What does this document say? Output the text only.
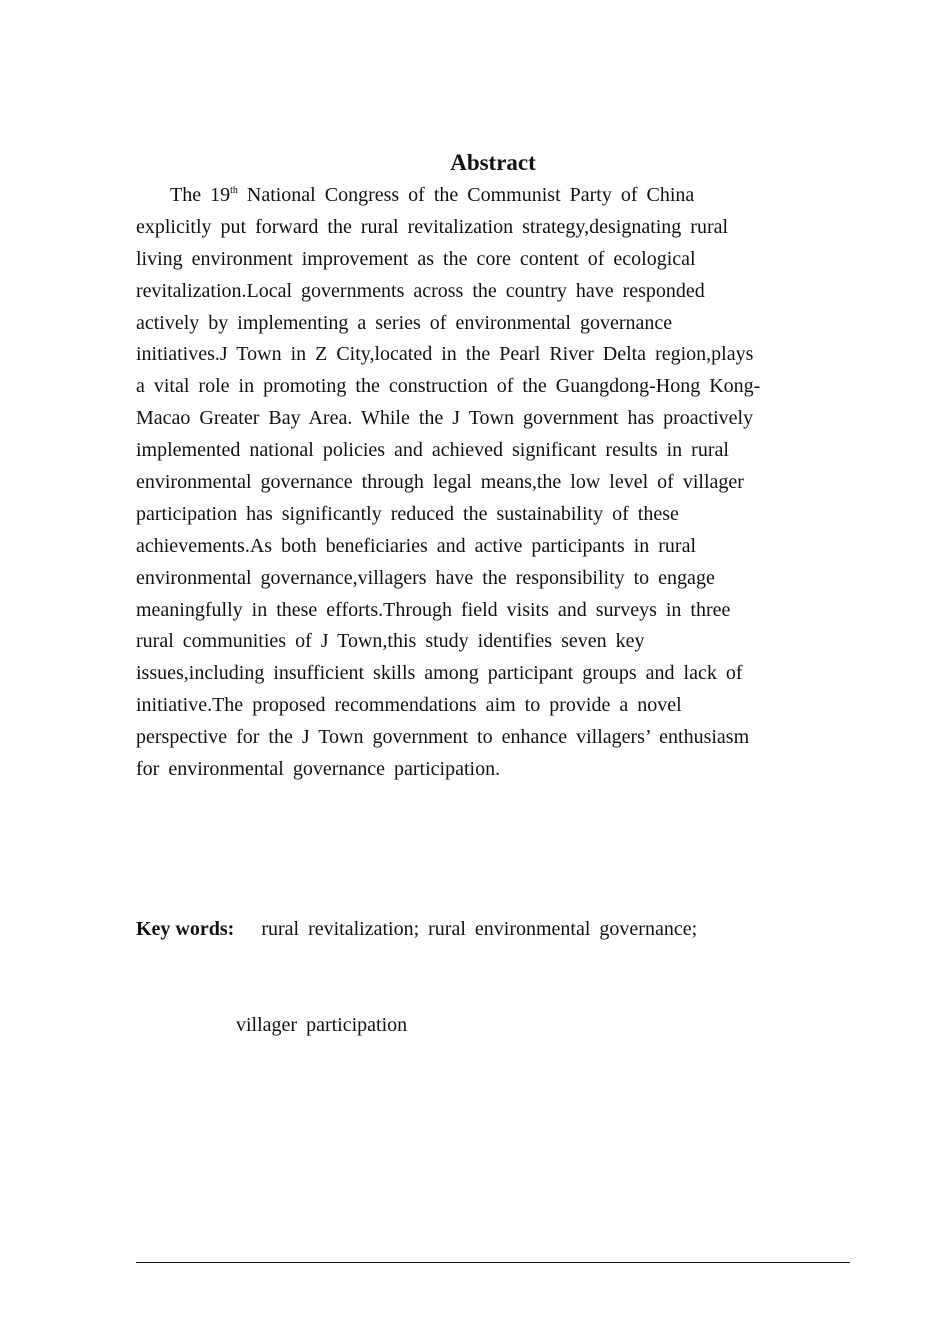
Abstract
The 19th National Congress of the Communist Party of China
explicitly put forward the rural revitalization strategy,designating rural
living environment improvement as the core content of ecological
revitalization.Local governments across the country have responded
actively by implementing a series of environmental governance
initiatives.J Town in Z City,located in the Pearl River Delta region,plays
a vital role in promoting the construction of the Guangdong-Hong Kong-
Macao Greater Bay Area. While the J Town government has proactively
implemented national policies and achieved significant results in rural
environmental governance through legal means,the low level of villager
participation has significantly reduced the sustainability of these
achievements.As both beneficiaries and active participants in rural
environmental governance,villagers have the responsibility to engage
meaningfully in these efforts.Through field visits and surveys in three
rural communities of J Town,this study identifies seven key
issues,including insufficient skills among participant groups and lack of
initiative.The proposed recommendations aim to provide a novel
perspective for the J Town government to enhance villagers’ enthusiasm
for environmental governance participation.

Key words: rural revitalization; rural environmental governance;

villager participation
